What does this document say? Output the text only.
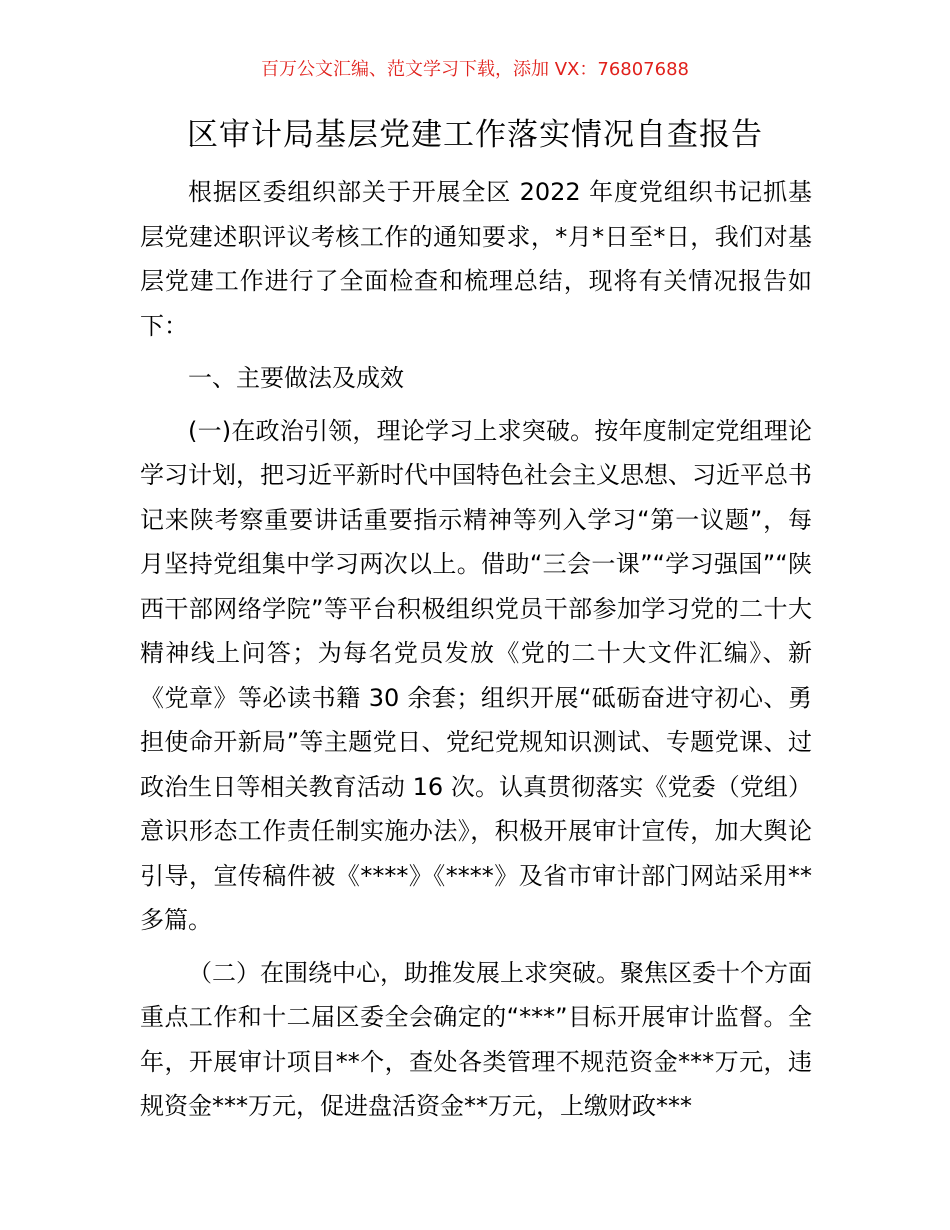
百万公文汇编、范文学习下载，添加 VX：76807688
区审计局基层党建工作落实情况自查报告

根据区委组织部关于开展全区 2022 年度党组织书记抓基层党建述职评议考核工作的通知要求，*月*日至*日，我们对基层党建工作进行了全面检查和梳理总结，现将有关情况报告如下：

一、主要做法及成效

(一)在政治引领，理论学习上求突破。按年度制定党组理论学习计划，把习近平新时代中国特色社会主义思想、习近平总书记来陕考察重要讲话重要指示精神等列入学习“第一议题”，每月坚持党组集中学习两次以上。借助“三会一课”“学习强国”“陕西干部网络学院”等平台积极组织党员干部参加学习党的二十大精神线上问答；为每名党员发放《党的二十大文件汇编》、新《党章》等必读书籍 30 余套；组织开展“砥砺奋进守初心、勇担使命开新局”等主题党日、党纪党规知识测试、专题党课、过政治生日等相关教育活动 16 次。认真贯彻落实《党委（党组）意识形态工作责任制实施办法》，积极开展审计宣传，加大舆论引导，宣传稿件被《****》《****》及省市审计部门网站采用**多篇。

（二）在围绕中心，助推发展上求突破。聚焦区委十个方面重点工作和十二届区委全会确定的“***”目标开展审计监督。全年，开展审计项目**个，查处各类管理不规范资金***万元，违规资金***万元，促进盘活资金**万元，上缴财政***
